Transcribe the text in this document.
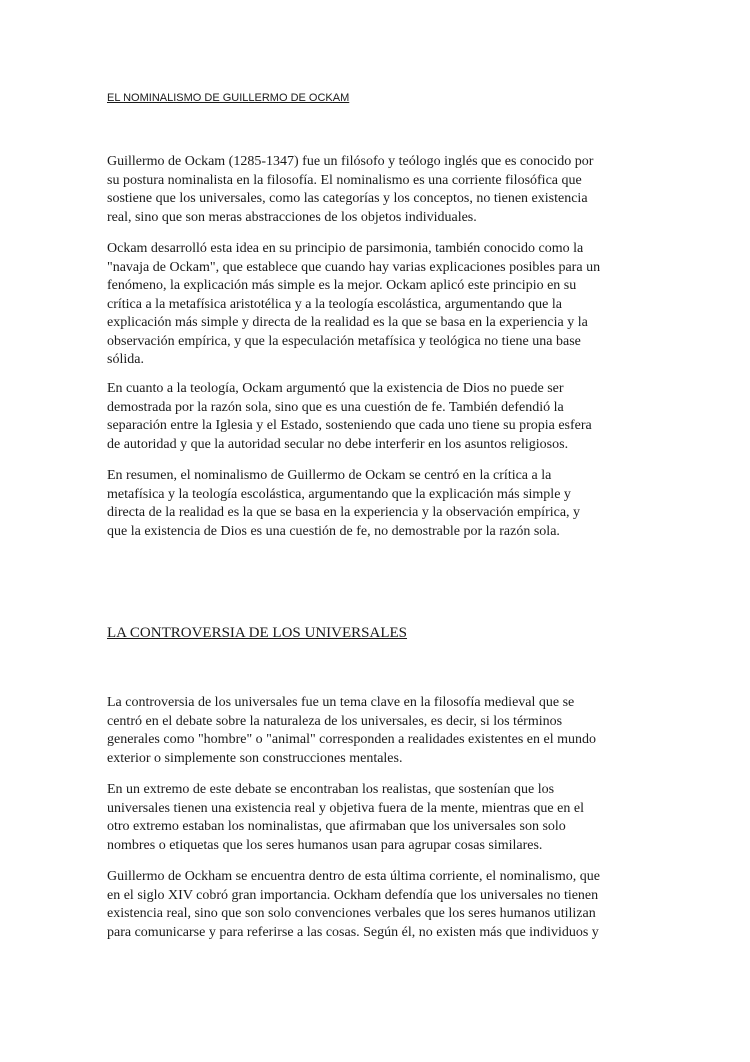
EL NOMINALISMO DE GUILLERMO DE OCKAM

Guillermo de Ockam (1285-1347) fue un filósofo y teólogo inglés que es conocido por
su postura nominalista en la filosofía. El nominalismo es una corriente filosófica que
sostiene que los universales, como las categorías y los conceptos, no tienen existencia
real, sino que son meras abstracciones de los objetos individuales.

Ockam desarrolló esta idea en su principio de parsimonia, también conocido como la
"navaja de Ockam", que establece que cuando hay varias explicaciones posibles para un
fenómeno, la explicación más simple es la mejor. Ockam aplicó este principio en su
crítica a la metafísica aristotélica y a la teología escolástica, argumentando que la
explicación más simple y directa de la realidad es la que se basa en la experiencia y la
observación empírica, y que la especulación metafísica y teológica no tiene una base
sólida.

En cuanto a la teología, Ockam argumentó que la existencia de Dios no puede ser
demostrada por la razón sola, sino que es una cuestión de fe. También defendió la
separación entre la Iglesia y el Estado, sosteniendo que cada uno tiene su propia esfera
de autoridad y que la autoridad secular no debe interferir en los asuntos religiosos.

En resumen, el nominalismo de Guillermo de Ockam se centró en la crítica a la
metafísica y la teología escolástica, argumentando que la explicación más simple y
directa de la realidad es la que se basa en la experiencia y la observación empírica, y
que la existencia de Dios es una cuestión de fe, no demostrable por la razón sola.

LA CONTROVERSIA DE LOS UNIVERSALES

La controversia de los universales fue un tema clave en la filosofía medieval que se
centró en el debate sobre la naturaleza de los universales, es decir, si los términos
generales como "hombre" o "animal" corresponden a realidades existentes en el mundo
exterior o simplemente son construcciones mentales.

En un extremo de este debate se encontraban los realistas, que sostenían que los
universales tienen una existencia real y objetiva fuera de la mente, mientras que en el
otro extremo estaban los nominalistas, que afirmaban que los universales son solo
nombres o etiquetas que los seres humanos usan para agrupar cosas similares.

Guillermo de Ockham se encuentra dentro de esta última corriente, el nominalismo, que
en el siglo XIV cobró gran importancia. Ockham defendía que los universales no tienen
existencia real, sino que son solo convenciones verbales que los seres humanos utilizan
para comunicarse y para referirse a las cosas. Según él, no existen más que individuos y
